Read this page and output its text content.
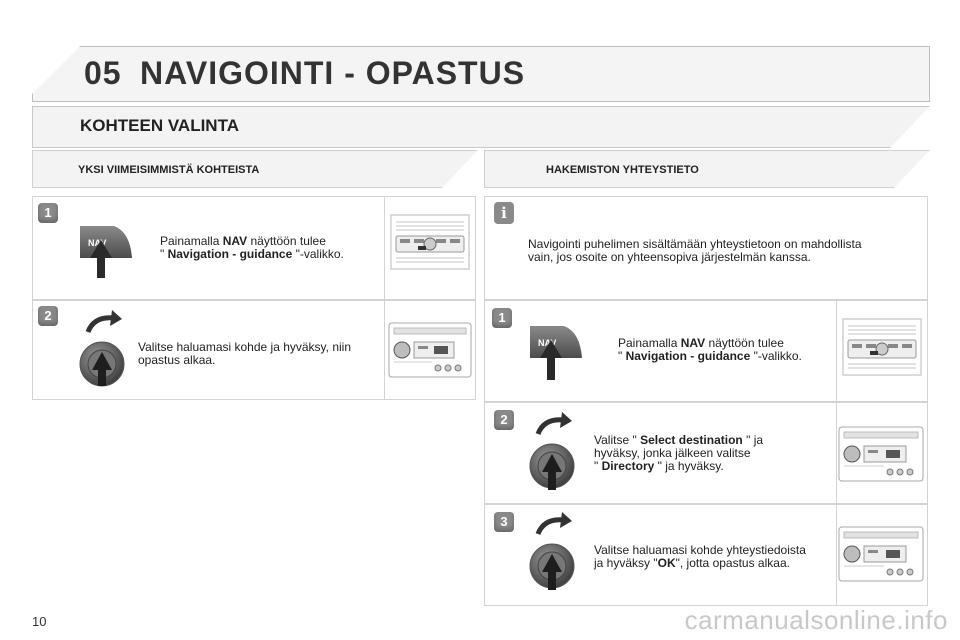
05 NAVIGOINTI - OPASTUS
KOHTEEN VALINTA
YKSI VIIMEISIMMISTÄ KOHTEISTA	HAKEMISTON YHTEYSTIETO
1
NAV	Painamalla NAV näyttöön tulee
" Navigation - guidance "-valikko.
2
Valitse haluamasi kohde ja hyväksy, niin
opastus alkaa.
i
Navigointi puhelimen sisältämään yhteystietoon on mahdollista
vain, jos osoite on yhteensopiva järjestelmän kanssa.
1
NAV	Painamalla NAV näyttöön tulee
" Navigation - guidance "-valikko.
2
Valitse " Select destination " ja
hyväksy, jonka jälkeen valitse
" Directory " ja hyväksy.
3
Valitse haluamasi kohde yhteystiedoista
ja hyväksy "OK", jotta opastus alkaa.
10	carmanualsonline.info
